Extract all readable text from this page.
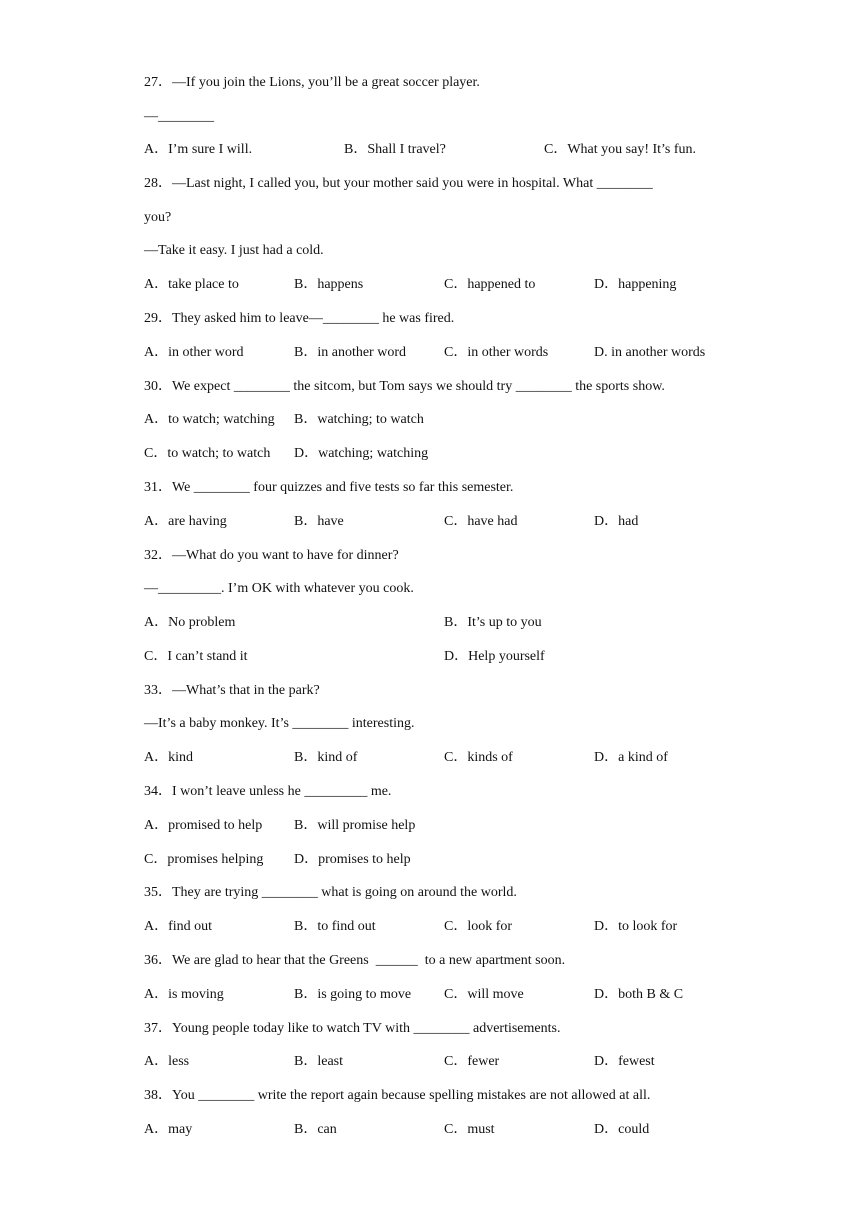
27．—If you join the Lions, you’ll be a great soccer player.
—________
A．I’m sure I will.	B．Shall I travel?	C．What you say! It’s fun.
28．—Last night, I called you, but your mother said you were in hospital. What ________
you?
—Take it easy. I just had a cold.
A．take place to	B．happens	C．happened to	D．happening
29．They asked him to leave—________ he was fired.
A．in other word	B．in another word	C．in other words	D. in another words
30．We expect ________ the sitcom, but Tom says we should try ________ the sports show.
A．to watch; watching B．watching; to watch
C．to watch; to watch D．watching; watching
31．We ________ four quizzes and five tests so far this semester.
A．are having	B．have	C．have had	D．had
32．—What do you want to have for dinner?
—_________. I’m OK with whatever you cook.
A．No problem	B．It’s up to you
C．I can’t stand it	D．Help yourself
33．—What’s that in the park?
—It’s a baby monkey. It’s ________ interesting.
A．kind	B．kind of	C．kinds of	D．a kind of
34．I won’t leave unless he _________ me.
A．promised to help B．will promise help
C．promises helping D．promises to help
35．They are trying ________ what is going on around the world.
A．find out	B．to find out	C．look for	D．to look for
36．We are glad to hear that the Greens  ______  to a new apartment soon.
A．is moving	B．is going to move C．will move	D．both B & C
37．Young people today like to watch TV with ________ advertisements.
A．less	B．least	C．fewer	D．fewest
38．You ________ write the report again because spelling mistakes are not allowed at all.
A．may	B．can	C．must	D．could
